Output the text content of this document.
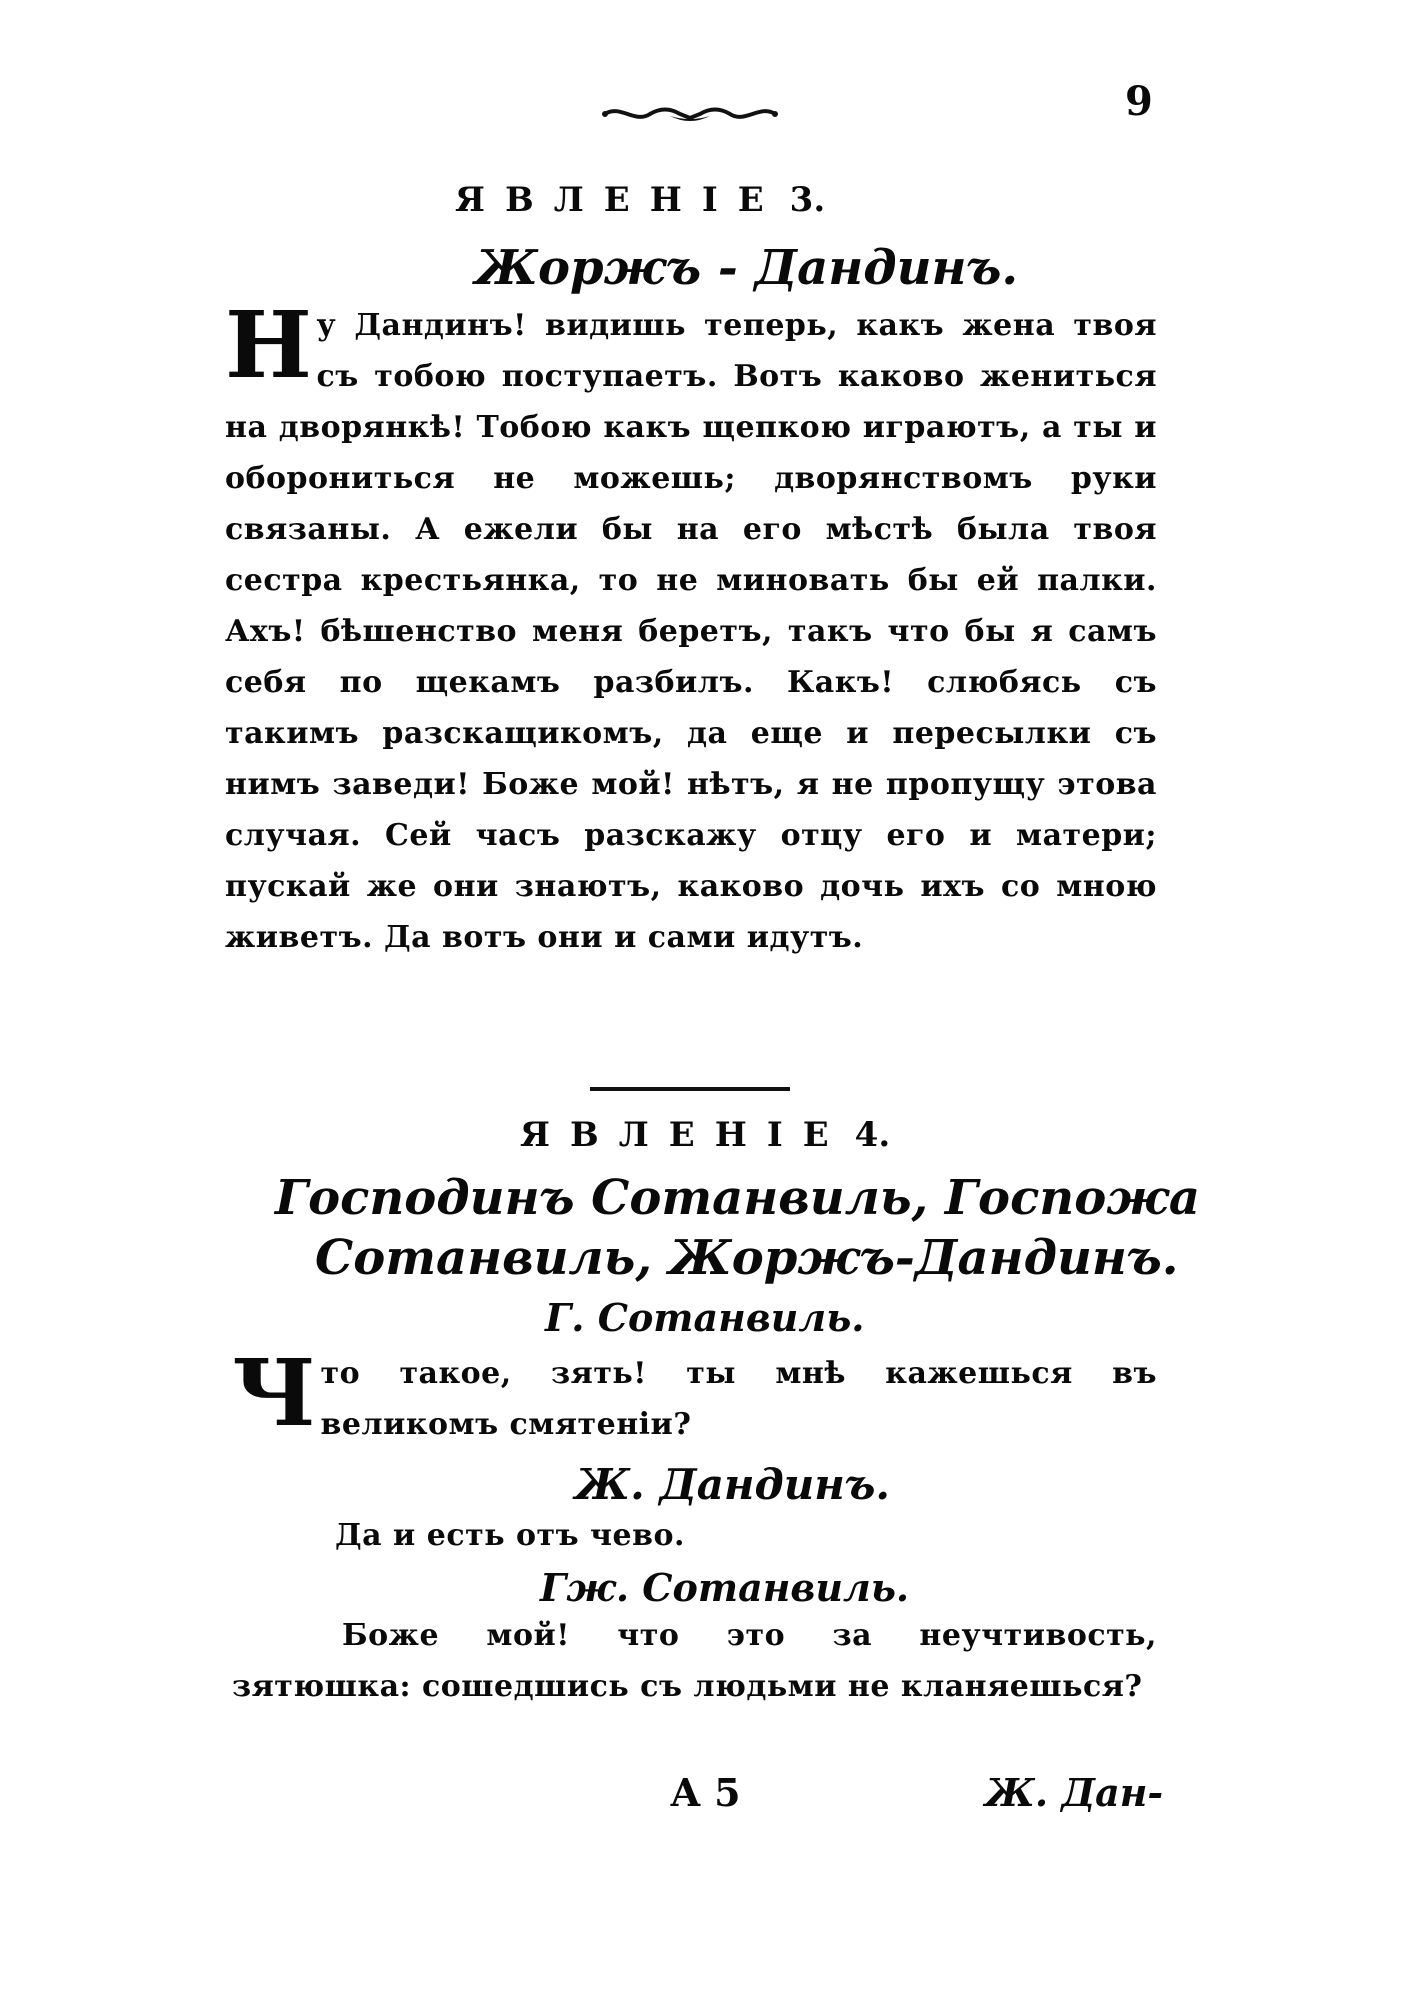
9
ЯВЛЕНIЕ 3.
Жоржъ - Дандинъ.
Ну Дандинъ! видишь теперь, какъ жена твоя съ тобою поступаетъ. Вотъ каково жениться на дворянкѣ! Тобою какъ щепкою играютъ, а ты и оборониться не можешь; дворянствомъ руки связаны. А ежели бы на его мѣстѣ была твоя сестра крестьянка, то не миновать бы ей палки. Ахъ! бѣшенство меня беретъ, такъ что бы я самъ себя по щекамъ разбилъ. Какъ! слюбясь съ такимъ разскащикомъ, да еще и пересылки съ нимъ заведи! Боже мой! нѣтъ, я не пропущу этова случая. Сей часъ разскажу отцу его и матери; пускай же они знаютъ, каково дочь ихъ со мною живетъ. Да вотъ они и сами идутъ.
ЯВЛЕНIЕ 4.
Господинъ Сотанвиль, Госпожа
Сотанвиль, Жоржъ-Дандинъ.
Г. Сотанвиль.
Что такое, зять! ты мнѣ кажешься въ великомъ смятенiи?
Ж. Дандинъ.
Да и есть отъ чево.
Гж. Сотанвиль.
Боже мой! что это за неучтивость, зятюшка: сошедшись съ людьми не кланяешься?
А 5	Ж. Дан-
